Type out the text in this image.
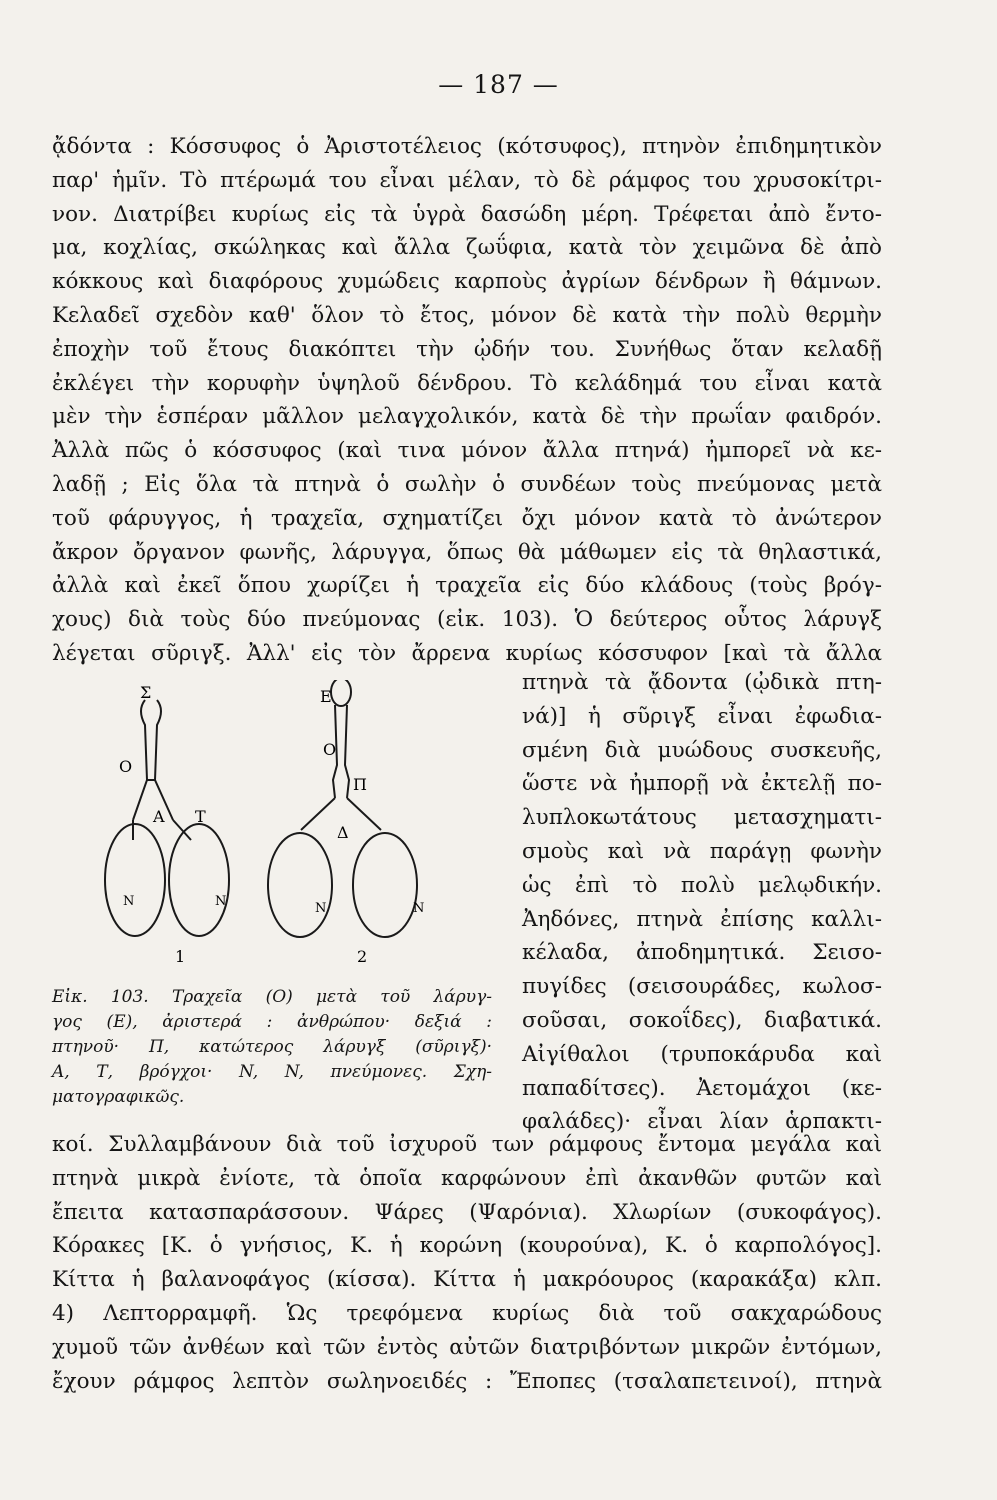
— 187 —
ᾄδόντα : Κόσσυφος ὁ Ἀριστοτέλειος (κότσυφος), πτηνὸν ἐπιδημητικὸν
παρ' ἡμῖν. Τὸ πτέρωμά του εἶναι μέλαν, τὸ δὲ ράμφος του χρυσοκίτρι-
νον. Διατρίβει κυρίως εἰς τὰ ὑγρὰ δασώδη μέρη. Τρέφεται ἀπὸ ἔντο-
μα, κοχλίας, σκώληκας καὶ ἄλλα ζωΰφια, κατὰ τὸν χειμῶνα δὲ ἀπὸ
κόκκους καὶ διαφόρους χυμώδεις καρποὺς ἀγρίων δένδρων ἢ θάμνων.
Κελαδεῖ σχεδὸν καθ' ὅλον τὸ ἔτος, μόνον δὲ κατὰ τὴν πολὺ θερμὴν
ἐποχὴν τοῦ ἔτους διακόπτει τὴν ᾠδήν του. Συνήθως ὅταν κελαδῇ
ἐκλέγει τὴν κορυφὴν ὑψηλοῦ δένδρου. Τὸ κελάδημά του εἶναι κατὰ
μὲν τὴν ἑσπέραν μᾶλλον μελαγχολικόν, κατὰ δὲ τὴν πρωΐαν φαιδρόν.
Ἀλλὰ πῶς ὁ κόσσυφος (καὶ τινα μόνον ἄλλα πτηνά) ἠμπορεῖ νὰ κε-
λαδῇ ; Εἰς ὅλα τὰ πτηνὰ ὁ σωλὴν ὁ συνδέων τοὺς πνεύμονας μετὰ
τοῦ φάρυγγος, ἡ τραχεῖα, σχηματίζει ὄχι μόνον κατὰ τὸ ἀνώτερον
ἄκρον ὄργανον φωνῆς, λάρυγγα, ὅπως θὰ μάθωμεν εἰς τὰ θηλαστικά,
ἀλλὰ καὶ ἐκεῖ ὅπου χωρίζει ἡ τραχεῖα εἰς δύο κλάδους (τοὺς βρόγ-
χους) διὰ τοὺς δύο πνεύμονας (εἰκ. 103). Ὁ δεύτερος οὗτος λάρυγξ
λέγεται σῦριγξ. Ἀλλ' εἰς τὸν ἄρρενα κυρίως κόσσυφον [καὶ τὰ ἄλλα
πτηνὰ τὰ ᾄδοντα (ᾠδικὰ πτη-
νά)] ἡ σῦριγξ εἶναι ἐφωδια-
σμένη διὰ μυώδους συσκευῆς,
ὥστε νὰ ἠμπορῇ νὰ ἐκτελῇ πο-
λυπλοκωτάτους μετασχηματι-
σμοὺς καὶ νὰ παράγῃ φωνὴν
ὡς ἐπὶ τὸ πολὺ μελῳδικήν.
Ἀηδόνες, πτηνὰ ἐπίσης καλλι-
κέλαδα, ἀποδημητικά. Σεισο-
πυγίδες (σεισουράδες, κωλοσ-
σοῦσαι, σοκοΐδες), διαβατικά.
Αἰγίθαλοι (τρυποκάρυδα καὶ
παπαδίτσες). Ἀετομάχοι (κε-
φαλάδες)· εἶναι λίαν ἁρπακτι-
κοί. Συλλαμβάνουν διὰ τοῦ ἰσχυροῦ των ράμφους ἔντομα μεγάλα καὶ
πτηνὰ μικρὰ ἐνίοτε, τὰ ὁποῖα καρφώνουν ἐπὶ ἀκανθῶν φυτῶν καὶ
ἔπειτα κατασπαράσσουν. Ψάρες (Ψαρόνια). Χλωρίων (συκοφάγος).
Κόρακες [Κ. ὁ γνήσιος, Κ. ἡ κορώνη (κουρούνα), Κ. ὁ καρπολόγος].
Κίττα ἡ βαλανοφάγος (κίσσα). Κίττα ἡ μακρόουρος (καρακάξα) κλπ.
4) Λεπτορραμφῆ. Ὡς τρεφόμενα κυρίως διὰ τοῦ σακχαρώδους
χυμοῦ τῶν ἀνθέων καὶ τῶν ἐντὸς αὐτῶν διατριβόντων μικρῶν ἐντόμων,
ἔχουν ράμφος λεπτὸν σωληνοειδές : Ἔποπες (τσαλαπετεινοί), πτηνὰ
Σ
O
Α Τ
N	N
1
Ε
O
Π
Δ
N	N
2
Εἰκ. 103. Τραχεῖα (O) μετὰ τοῦ λάρυγ-
γος (E), ἀριστερά : ἀνθρώπου· δεξιά :
πτηνοῦ· Π, κατώτερος λάρυγξ (σῦριγξ)·
Α, Τ, βρόγχοι· N, N, πνεύμονες. Σχη-
ματογραφικῶς.
